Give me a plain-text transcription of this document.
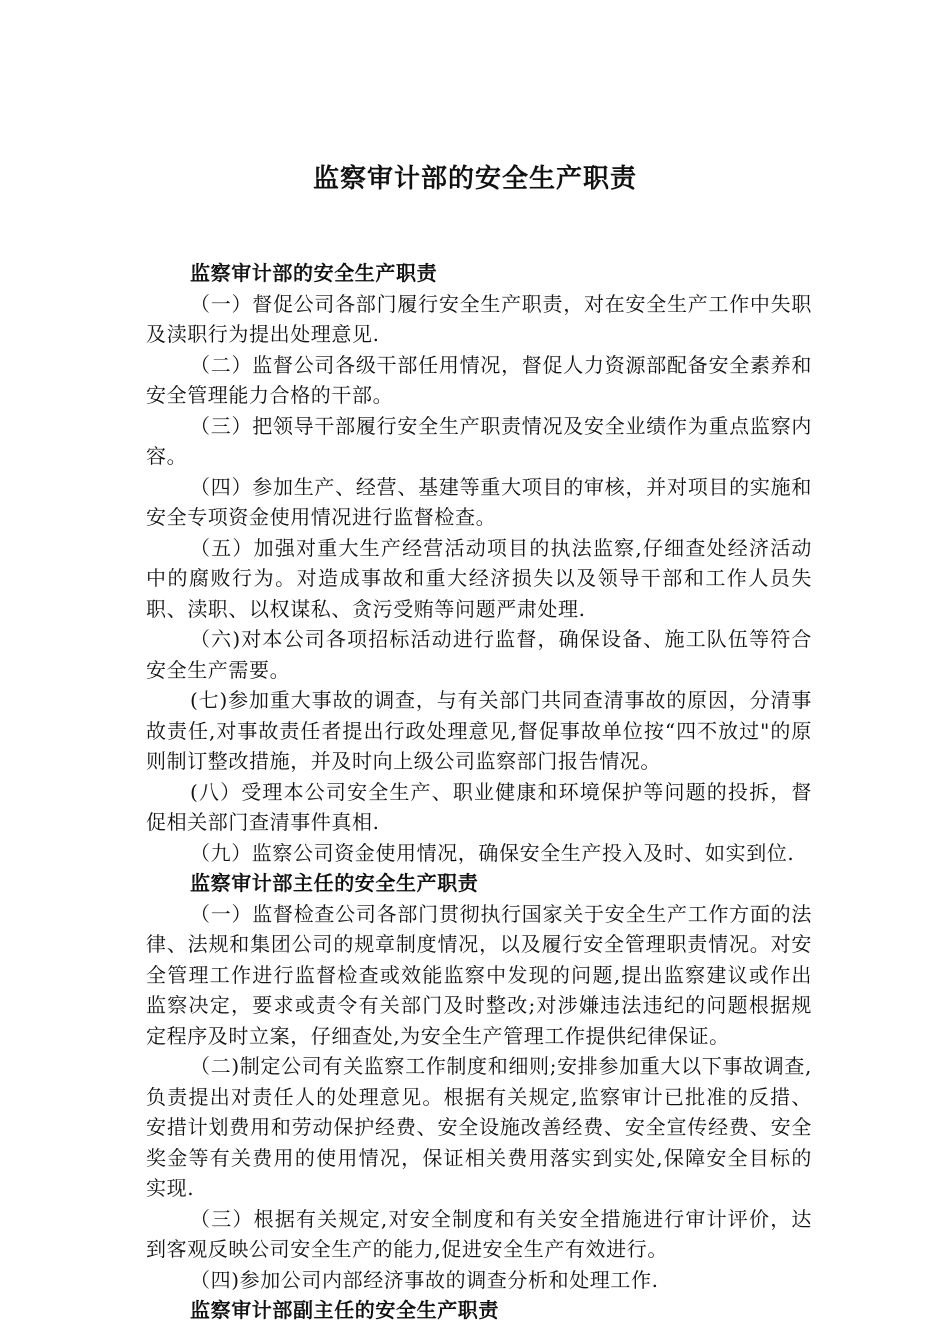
监察审计部的安全生产职责
监察审计部的安全生产职责

（一）督促公司各部门履行安全生产职责，对在安全生产工作中失职及渎职行为提出处理意见.

（二）监督公司各级干部任用情况，督促人力资源部配备安全素养和安全管理能力合格的干部。

（三）把领导干部履行安全生产职责情况及安全业绩作为重点监察内容。

（四）参加生产、经营、基建等重大项目的审核，并对项目的实施和安全专项资金使用情况进行监督检查。

（五）加强对重大生产经营活动项目的执法监察,仔细查处经济活动中的腐败行为。对造成事故和重大经济损失以及领导干部和工作人员失职、渎职、以权谋私、贪污受贿等问题严肃处理.

（六)对本公司各项招标活动进行监督，确保设备、施工队伍等符合安全生产需要。

(七)参加重大事故的调查，与有关部门共同查清事故的原因，分清事故责任,对事故责任者提出行政处理意见,督促事故单位按“四不放过"的原则制订整改措施，并及时向上级公司监察部门报告情况。

(八）受理本公司安全生产、职业健康和环境保护等问题的投拆，督促相关部门查清事件真相.

（九）监察公司资金使用情况，确保安全生产投入及时、如实到位.

监察审计部主任的安全生产职责

（一）监督检查公司各部门贯彻执行国家关于安全生产工作方面的法律、法规和集团公司的规章制度情况，以及履行安全管理职责情况。对安全管理工作进行监督检查或效能监察中发现的问题,提出监察建议或作出监察决定，要求或责令有关部门及时整改;对涉嫌违法违纪的问题根据规定程序及时立案，仔细查处,为安全生产管理工作提供纪律保证。

（二)制定公司有关监察工作制度和细则;安排参加重大以下事故调查,负责提出对责任人的处理意见。根据有关规定,监察审计已批准的反措、安措计划费用和劳动保护经费、安全设施改善经费、安全宣传经费、安全奖金等有关费用的使用情况，保证相关费用落实到实处,保障安全目标的实现.

（三）根据有关规定,对安全制度和有关安全措施进行审计评价，达到客观反映公司安全生产的能力,促进安全生产有效进行。

（四)参加公司内部经济事故的调查分析和处理工作.

监察审计部副主任的安全生产职责
